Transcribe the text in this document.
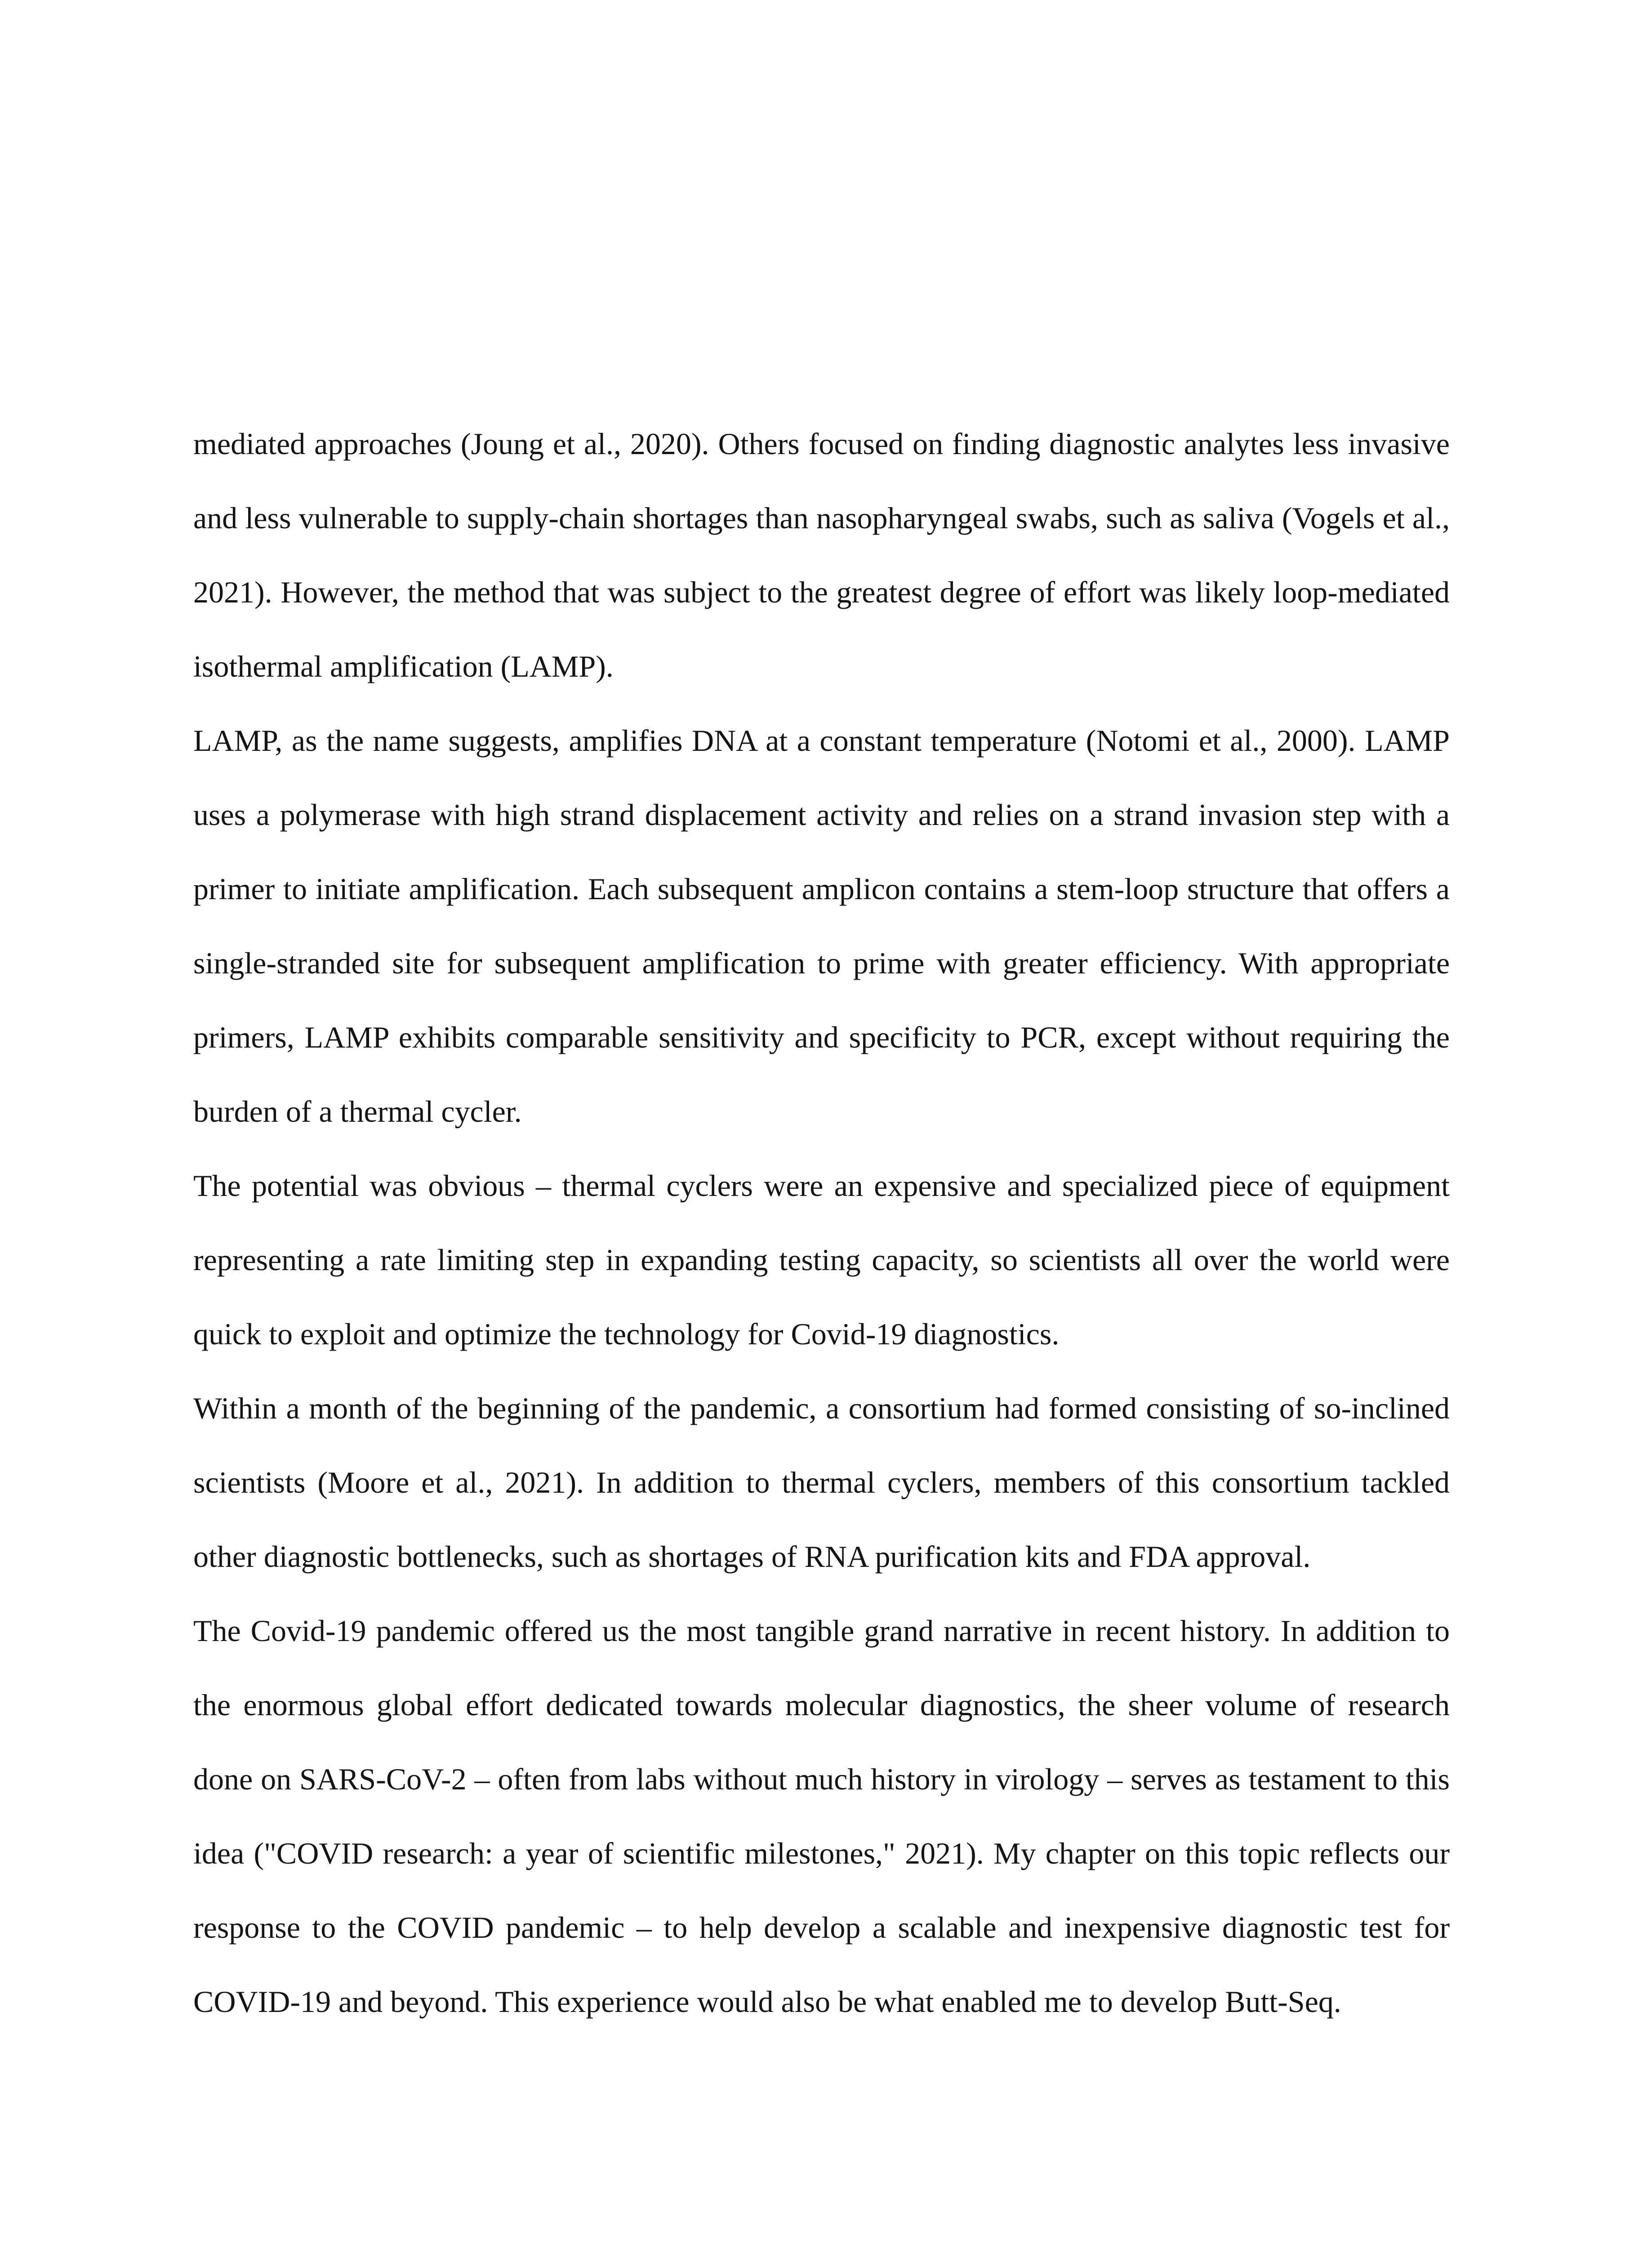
mediated approaches (Joung et al., 2020). Others focused on finding diagnostic analytes less invasive and less vulnerable to supply-chain shortages than nasopharyngeal swabs, such as saliva (Vogels et al., 2021). However, the method that was subject to the greatest degree of effort was likely loop-mediated isothermal amplification (LAMP).

LAMP, as the name suggests, amplifies DNA at a constant temperature (Notomi et al., 2000). LAMP uses a polymerase with high strand displacement activity and relies on a strand invasion step with a primer to initiate amplification. Each subsequent amplicon contains a stem-loop structure that offers a single-stranded site for subsequent amplification to prime with greater efficiency. With appropriate primers, LAMP exhibits comparable sensitivity and specificity to PCR, except without requiring the burden of a thermal cycler.

The potential was obvious – thermal cyclers were an expensive and specialized piece of equipment representing a rate limiting step in expanding testing capacity, so scientists all over the world were quick to exploit and optimize the technology for Covid-19 diagnostics.

Within a month of the beginning of the pandemic, a consortium had formed consisting of so-inclined scientists (Moore et al., 2021). In addition to thermal cyclers, members of this consortium tackled other diagnostic bottlenecks, such as shortages of RNA purification kits and FDA approval.

The Covid-19 pandemic offered us the most tangible grand narrative in recent history. In addition to the enormous global effort dedicated towards molecular diagnostics, the sheer volume of research done on SARS-CoV-2 – often from labs without much history in virology – serves as testament to this idea ("COVID research: a year of scientific milestones," 2021). My chapter on this topic reflects our response to the COVID pandemic – to help develop a scalable and inexpensive diagnostic test for COVID-19 and beyond. This experience would also be what enabled me to develop Butt-Seq.
